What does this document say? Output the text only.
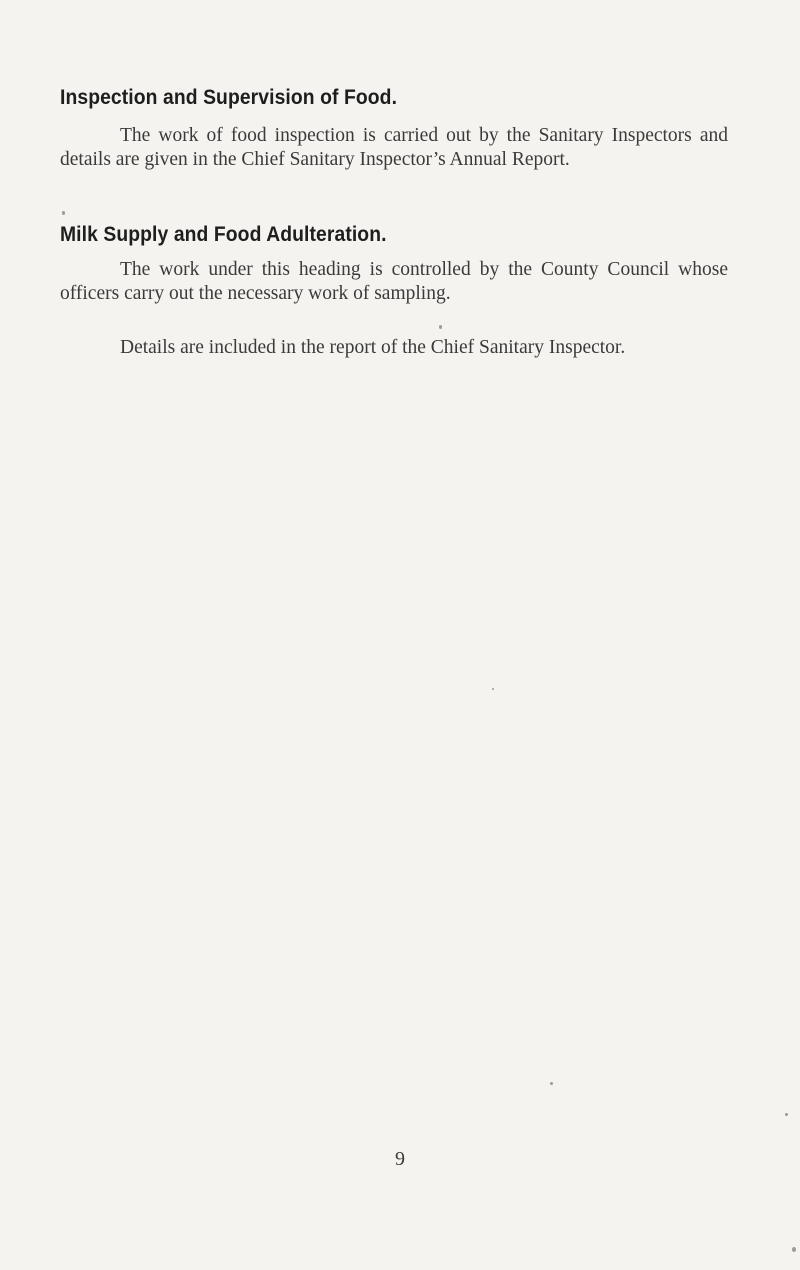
Inspection and Supervision of Food.

The work of food inspection is carried out by the Sanitary Inspectors and details are given in the Chief Sanitary Inspector’s Annual Report.

Milk Supply and Food Adulteration.

The work under this heading is controlled by the County Council whose officers carry out the necessary work of sampling.

Details are included in the report of the Chief Sanitary Inspector.

9
